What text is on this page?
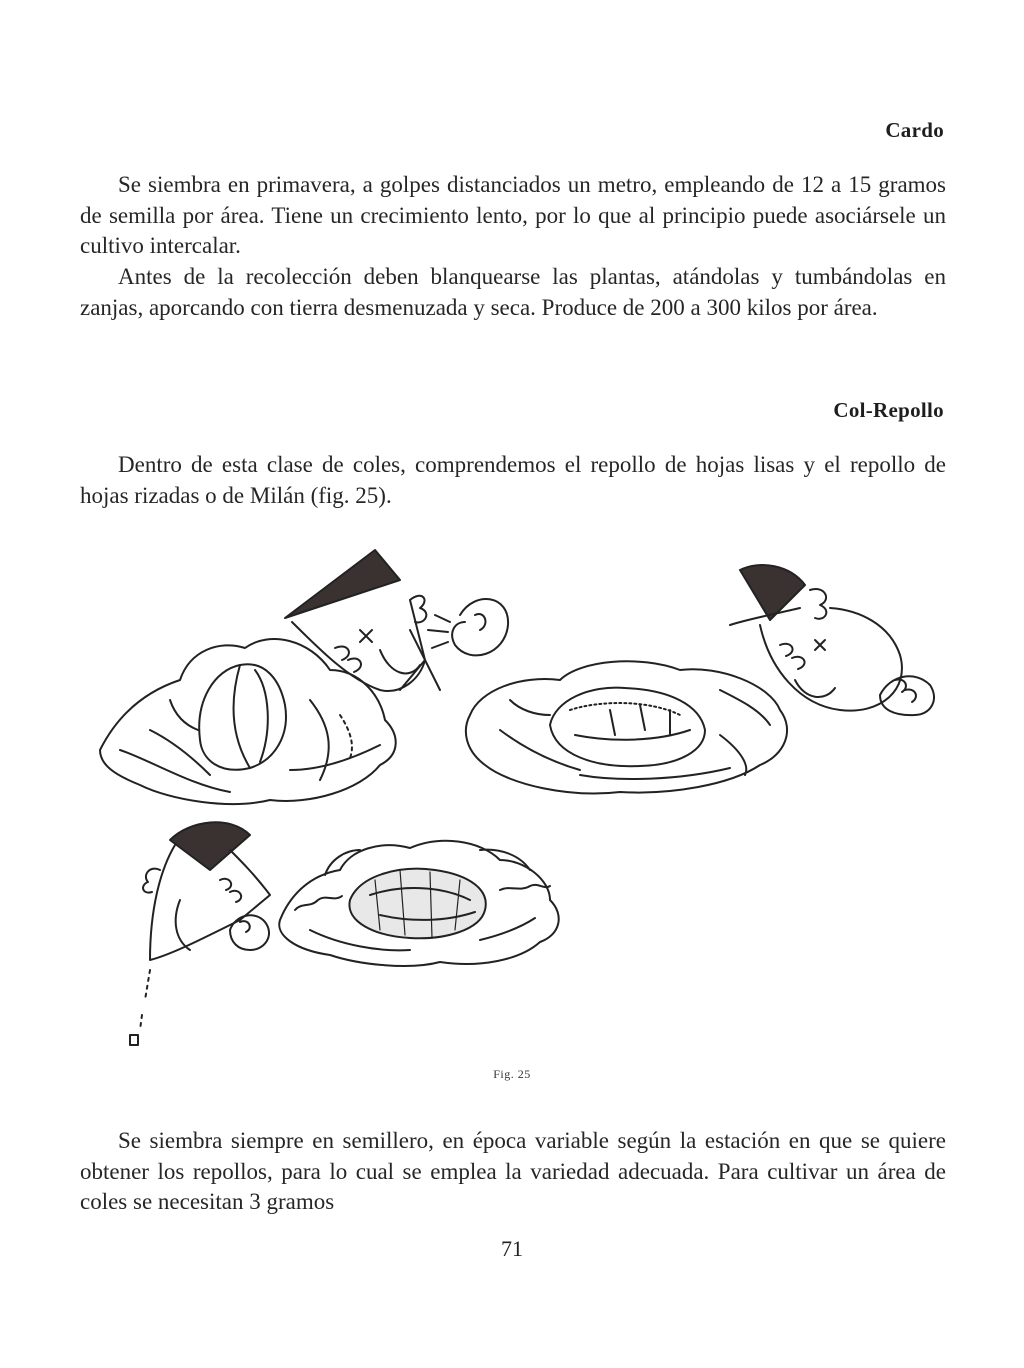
Cardo

Se siembra en primavera, a golpes distanciados un metro, empleando de 12 a 15 gramos de semilla por área. Tiene un crecimiento lento, por lo que al principio puede asociársele un cultivo intercalar.

Antes de la recolección deben blanquearse las plantas, atándolas y tumbándolas en zanjas, aporcando con tierra desmenuzada y seca. Produce de 200 a 300 kilos por área.

Col-Repollo

Dentro de esta clase de coles, comprendemos el repollo de hojas lisas y el repollo de hojas rizadas o de Milán (fig. 25).

Fig. 25

Se siembra siempre en semillero, en época variable según la estación en que se quiere obtener los repollos, para lo cual se emplea la variedad adecuada. Para cultivar un área de coles se necesitan 3 gramos

71
